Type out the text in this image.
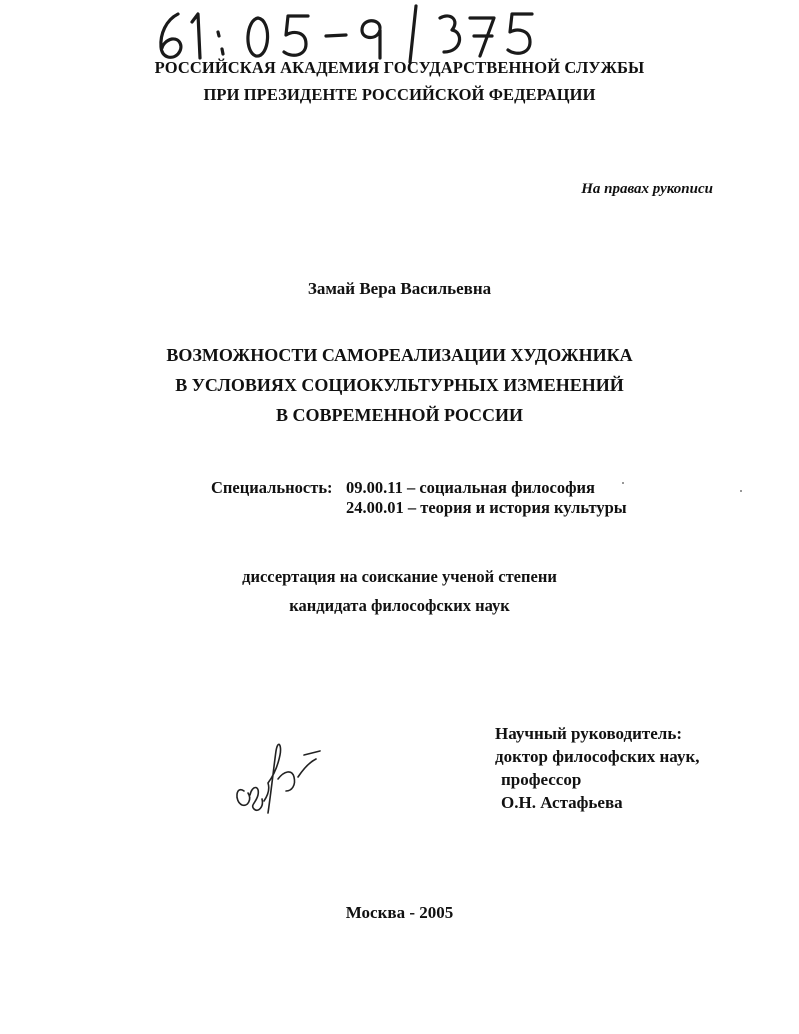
РОССИЙСКАЯ АКАДЕМИЯ ГОСУДАРСТВЕННОЙ СЛУЖБЫ
ПРИ ПРЕЗИДЕНТЕ РОССИЙСКОЙ ФЕДЕРАЦИИ
На правах рукописи
Замай Вера Васильевна
ВОЗМОЖНОСТИ САМОРЕАЛИЗАЦИИ ХУДОЖНИКА
В УСЛОВИЯХ СОЦИОКУЛЬТУРНЫХ ИЗМЕНЕНИЙ
В СОВРЕМЕННОЙ РОССИИ
Специальность: 09.00.11 – социальная философия
24.00.01 – теория и история культуры
диссертация на соискание ученой степени
кандидата философских наук
Научный руководитель:
доктор философских наук,
профессор
О.Н. Астафьева
Москва - 2005
